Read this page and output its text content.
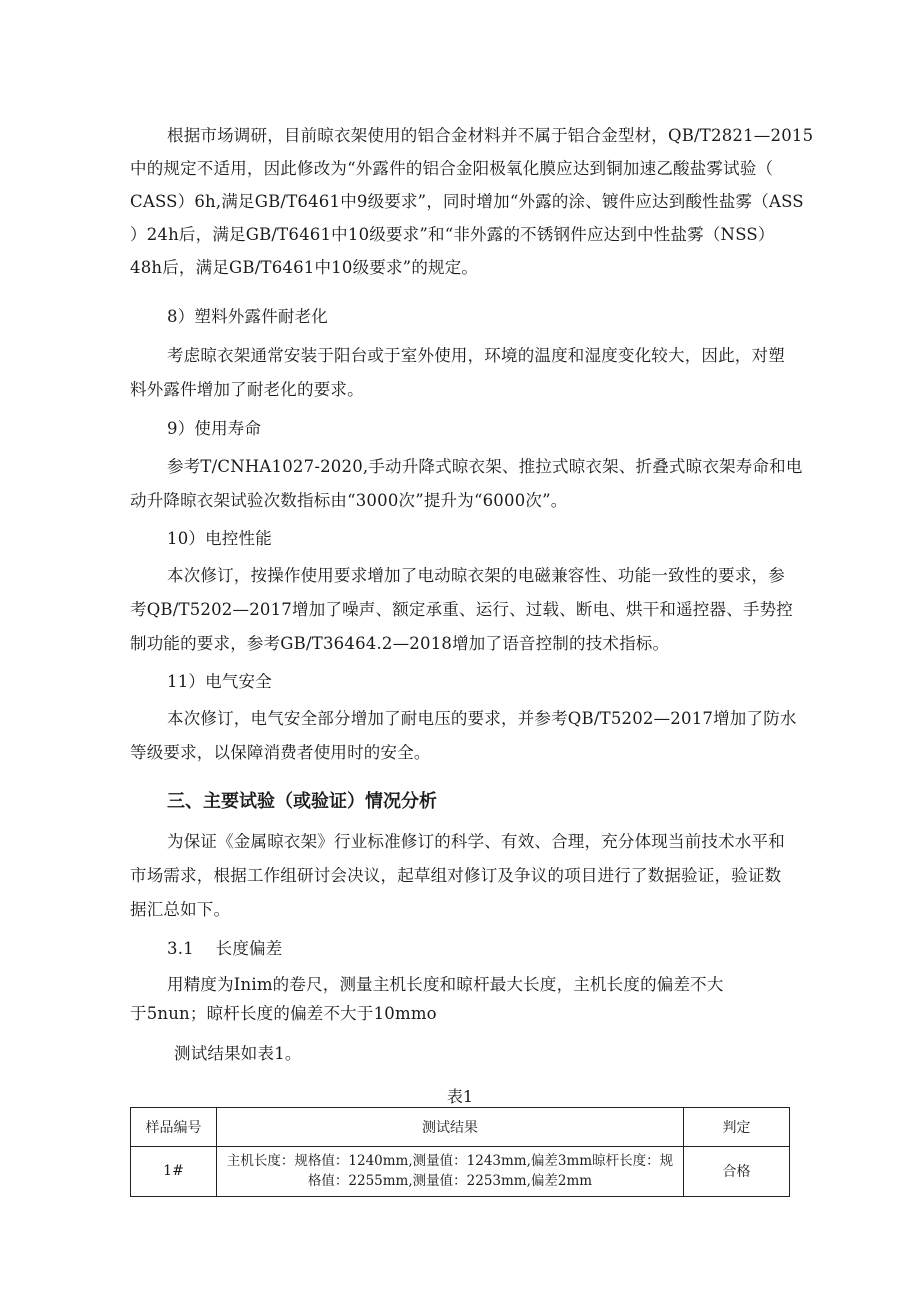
根据市场调研，目前晾衣架使用的铝合金材料并不属于铝合金型材，QB/T2821—2015
中的规定不适用，因此修改为“外露件的铝合金阳极氧化膜应达到铜加速乙酸盐雾试验（
CASS）6h,满足GB/T6461中9级要求”，同时增加“外露的涂、镀件应达到酸性盐雾（ASS
）24h后，满足GB/T6461中10级要求”和“非外露的不锈钢件应达到中性盐雾（NSS）
48h后，满足GB/T6461中10级要求”的规定。
8）塑料外露件耐老化
考虑晾衣架通常安装于阳台或于室外使用，环境的温度和湿度变化较大，因此，对塑
料外露件增加了耐老化的要求。
9）使用寿命
参考T/CNHA1027-2020,手动升降式晾衣架、推拉式晾衣架、折叠式晾衣架寿命和电
动升降晾衣架试验次数指标由“3000次”提升为“6000次”。
10）电控性能
本次修订，按操作使用要求增加了电动晾衣架的电磁兼容性、功能一致性的要求，参
考QB/T5202—2017增加了噪声、额定承重、运行、过载、断电、烘干和遥控器、手势控
制功能的要求，参考GB/T36464.2—2018增加了语音控制的技术指标。
11）电气安全
本次修订，电气安全部分增加了耐电压的要求，并参考QB/T5202—2017增加了防水
等级要求，以保障消费者使用时的安全。
三、主要试验（或验证）情况分析
为保证《金属晾衣架》行业标准修订的科学、有效、合理，充分体现当前技术水平和
市场需求，根据工作组研讨会决议，起草组对修订及争议的项目进行了数据验证，验证数
据汇总如下。
3.1    长度偏差
用精度为Inim的卷尺，测量主机长度和晾杆最大长度，主机长度的偏差不大
于5nun；晾杆长度的偏差不大于10mmo
测试结果如表1。
表1
样品编号	测试结果	判定
1#	主机长度：规格值：1240mm,测量值：1243mm,偏差3mm晾杆长度：规
格值：2255mm,测量值：2253mm,偏差2mm	合格
